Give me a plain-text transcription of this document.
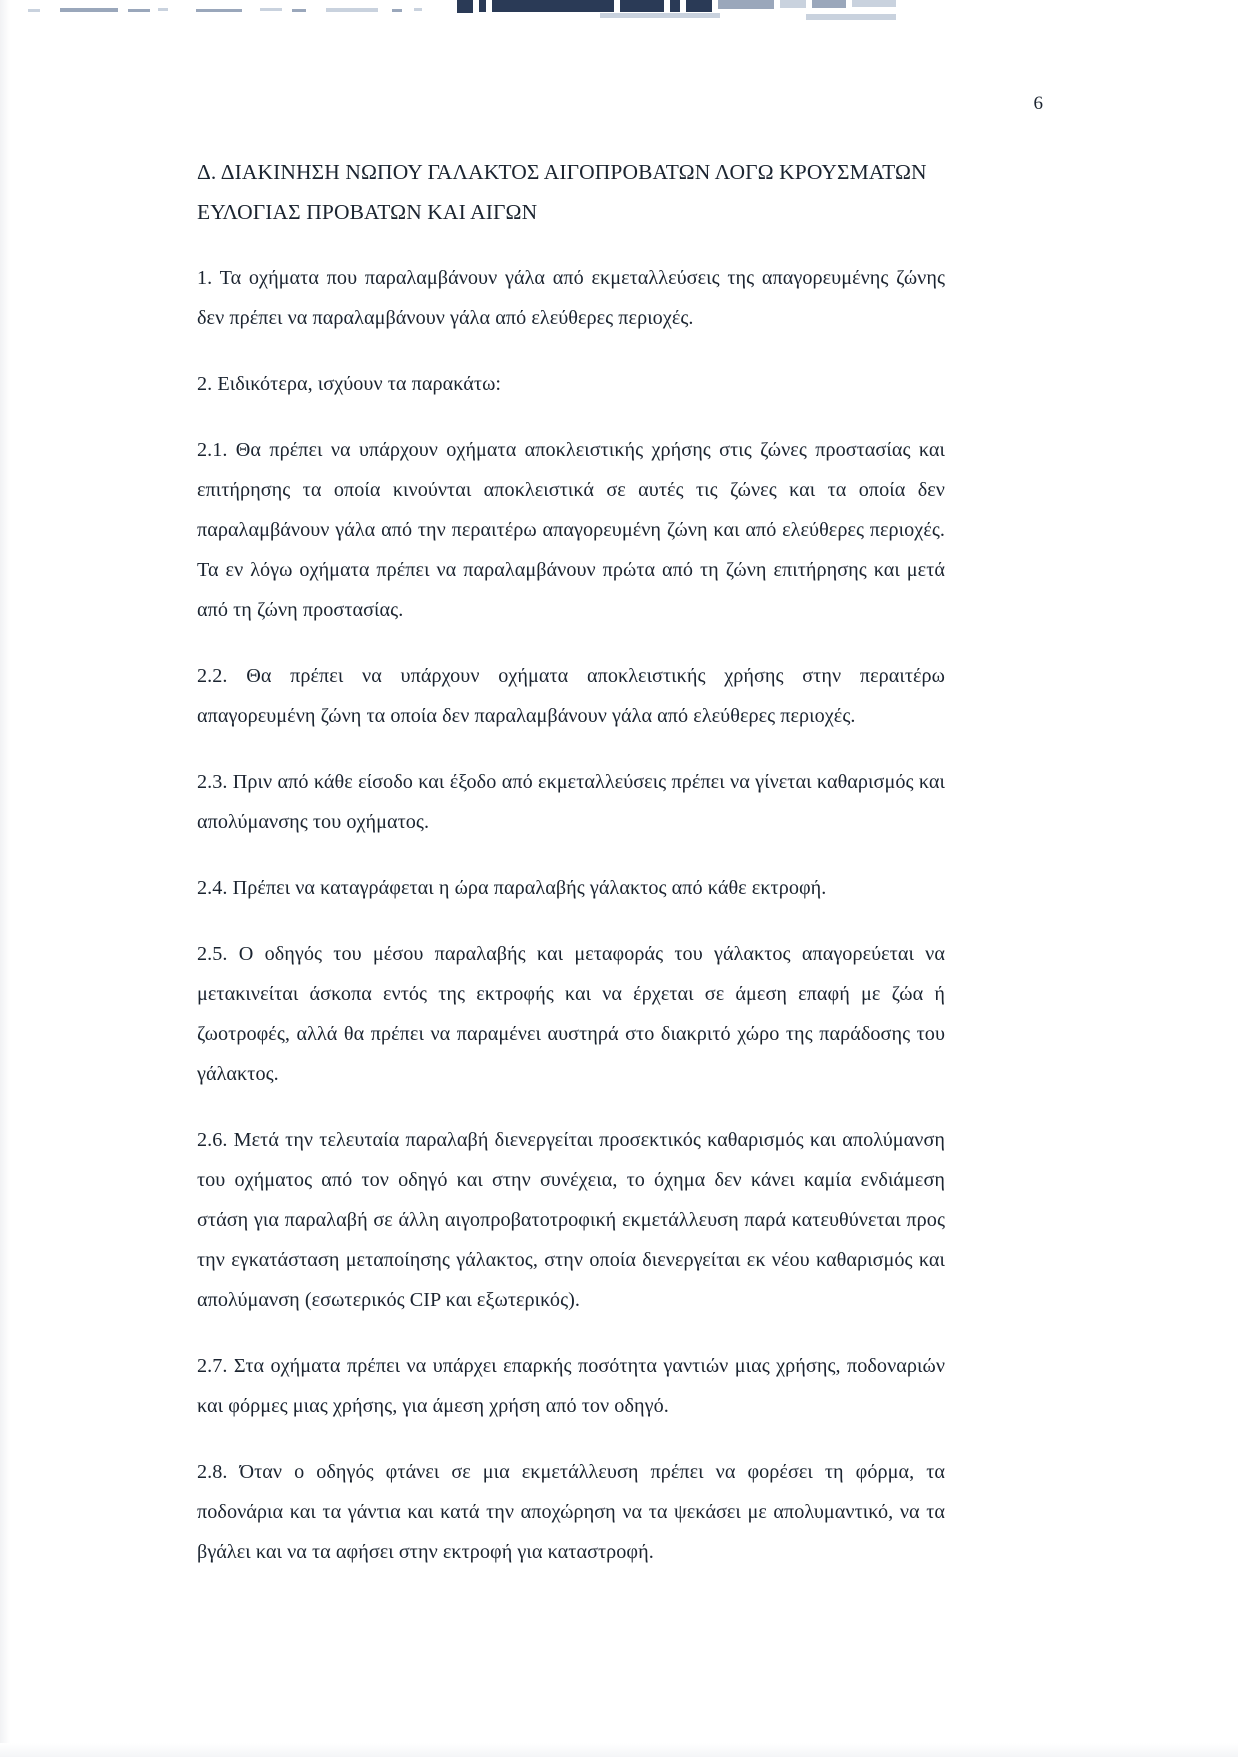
6
Δ. ΔΙΑΚΙΝΗΣΗ ΝΩΠΟΥ ΓΑΛΑΚΤΟΣ ΑΙΓΟΠΡΟΒΑΤΩΝ ΛΟΓΩ ΚΡΟΥΣΜΑΤΩΝ ΕΥΛΟΓΙΑΣ ΠΡΟΒΑΤΩΝ ΚΑΙ ΑΙΓΩΝ

1. Τα οχήματα που παραλαμβάνουν γάλα από εκμεταλλεύσεις της απαγορευμένης ζώνης δεν πρέπει να παραλαμβάνουν γάλα από ελεύθερες περιοχές.

2. Ειδικότερα, ισχύουν τα παρακάτω:

2.1. Θα πρέπει να υπάρχουν οχήματα αποκλειστικής χρήσης στις ζώνες προστασίας και επιτήρησης τα οποία κινούνται αποκλειστικά σε αυτές τις ζώνες και τα οποία δεν παραλαμβάνουν γάλα από την περαιτέρω απαγορευμένη ζώνη και από ελεύθερες περιοχές. Τα εν λόγω οχήματα πρέπει να παραλαμβάνουν πρώτα από τη ζώνη επιτήρησης και μετά από τη ζώνη προστασίας.

2.2. Θα πρέπει να υπάρχουν οχήματα αποκλειστικής χρήσης στην περαιτέρω απαγορευμένη ζώνη τα οποία δεν παραλαμβάνουν γάλα από ελεύθερες περιοχές.

2.3. Πριν από κάθε είσοδο και έξοδο από εκμεταλλεύσεις πρέπει να γίνεται καθαρισμός και απολύμανσης του οχήματος.

2.4. Πρέπει να καταγράφεται η ώρα παραλαβής γάλακτος από κάθε εκτροφή.

2.5. Ο οδηγός του μέσου παραλαβής και μεταφοράς του γάλακτος απαγορεύεται να μετακινείται άσκοπα εντός της εκτροφής και να έρχεται σε άμεση επαφή με ζώα ή ζωοτροφές, αλλά θα πρέπει να παραμένει αυστηρά στο διακριτό χώρο της παράδοσης του γάλακτος.

2.6. Μετά την τελευταία παραλαβή διενεργείται προσεκτικός καθαρισμός και απολύμανση του οχήματος από τον οδηγό και στην συνέχεια, το όχημα δεν κάνει καμία ενδιάμεση στάση για παραλαβή σε άλλη αιγοπροβατοτροφική εκμετάλλευση παρά κατευθύνεται προς την εγκατάσταση μεταποίησης γάλακτος, στην οποία διενεργείται εκ νέου καθαρισμός και απολύμανση (εσωτερικός CIP και εξωτερικός).

2.7. Στα οχήματα πρέπει να υπάρχει επαρκής ποσότητα γαντιών μιας χρήσης, ποδοναριών και φόρμες μιας χρήσης, για άμεση χρήση από τον οδηγό.

2.8. Όταν ο οδηγός φτάνει σε μια εκμετάλλευση πρέπει να φορέσει τη φόρμα, τα ποδονάρια και τα γάντια και κατά την αποχώρηση να τα ψεκάσει με απολυμαντικό, να τα βγάλει και να τα αφήσει στην εκτροφή για καταστροφή.
